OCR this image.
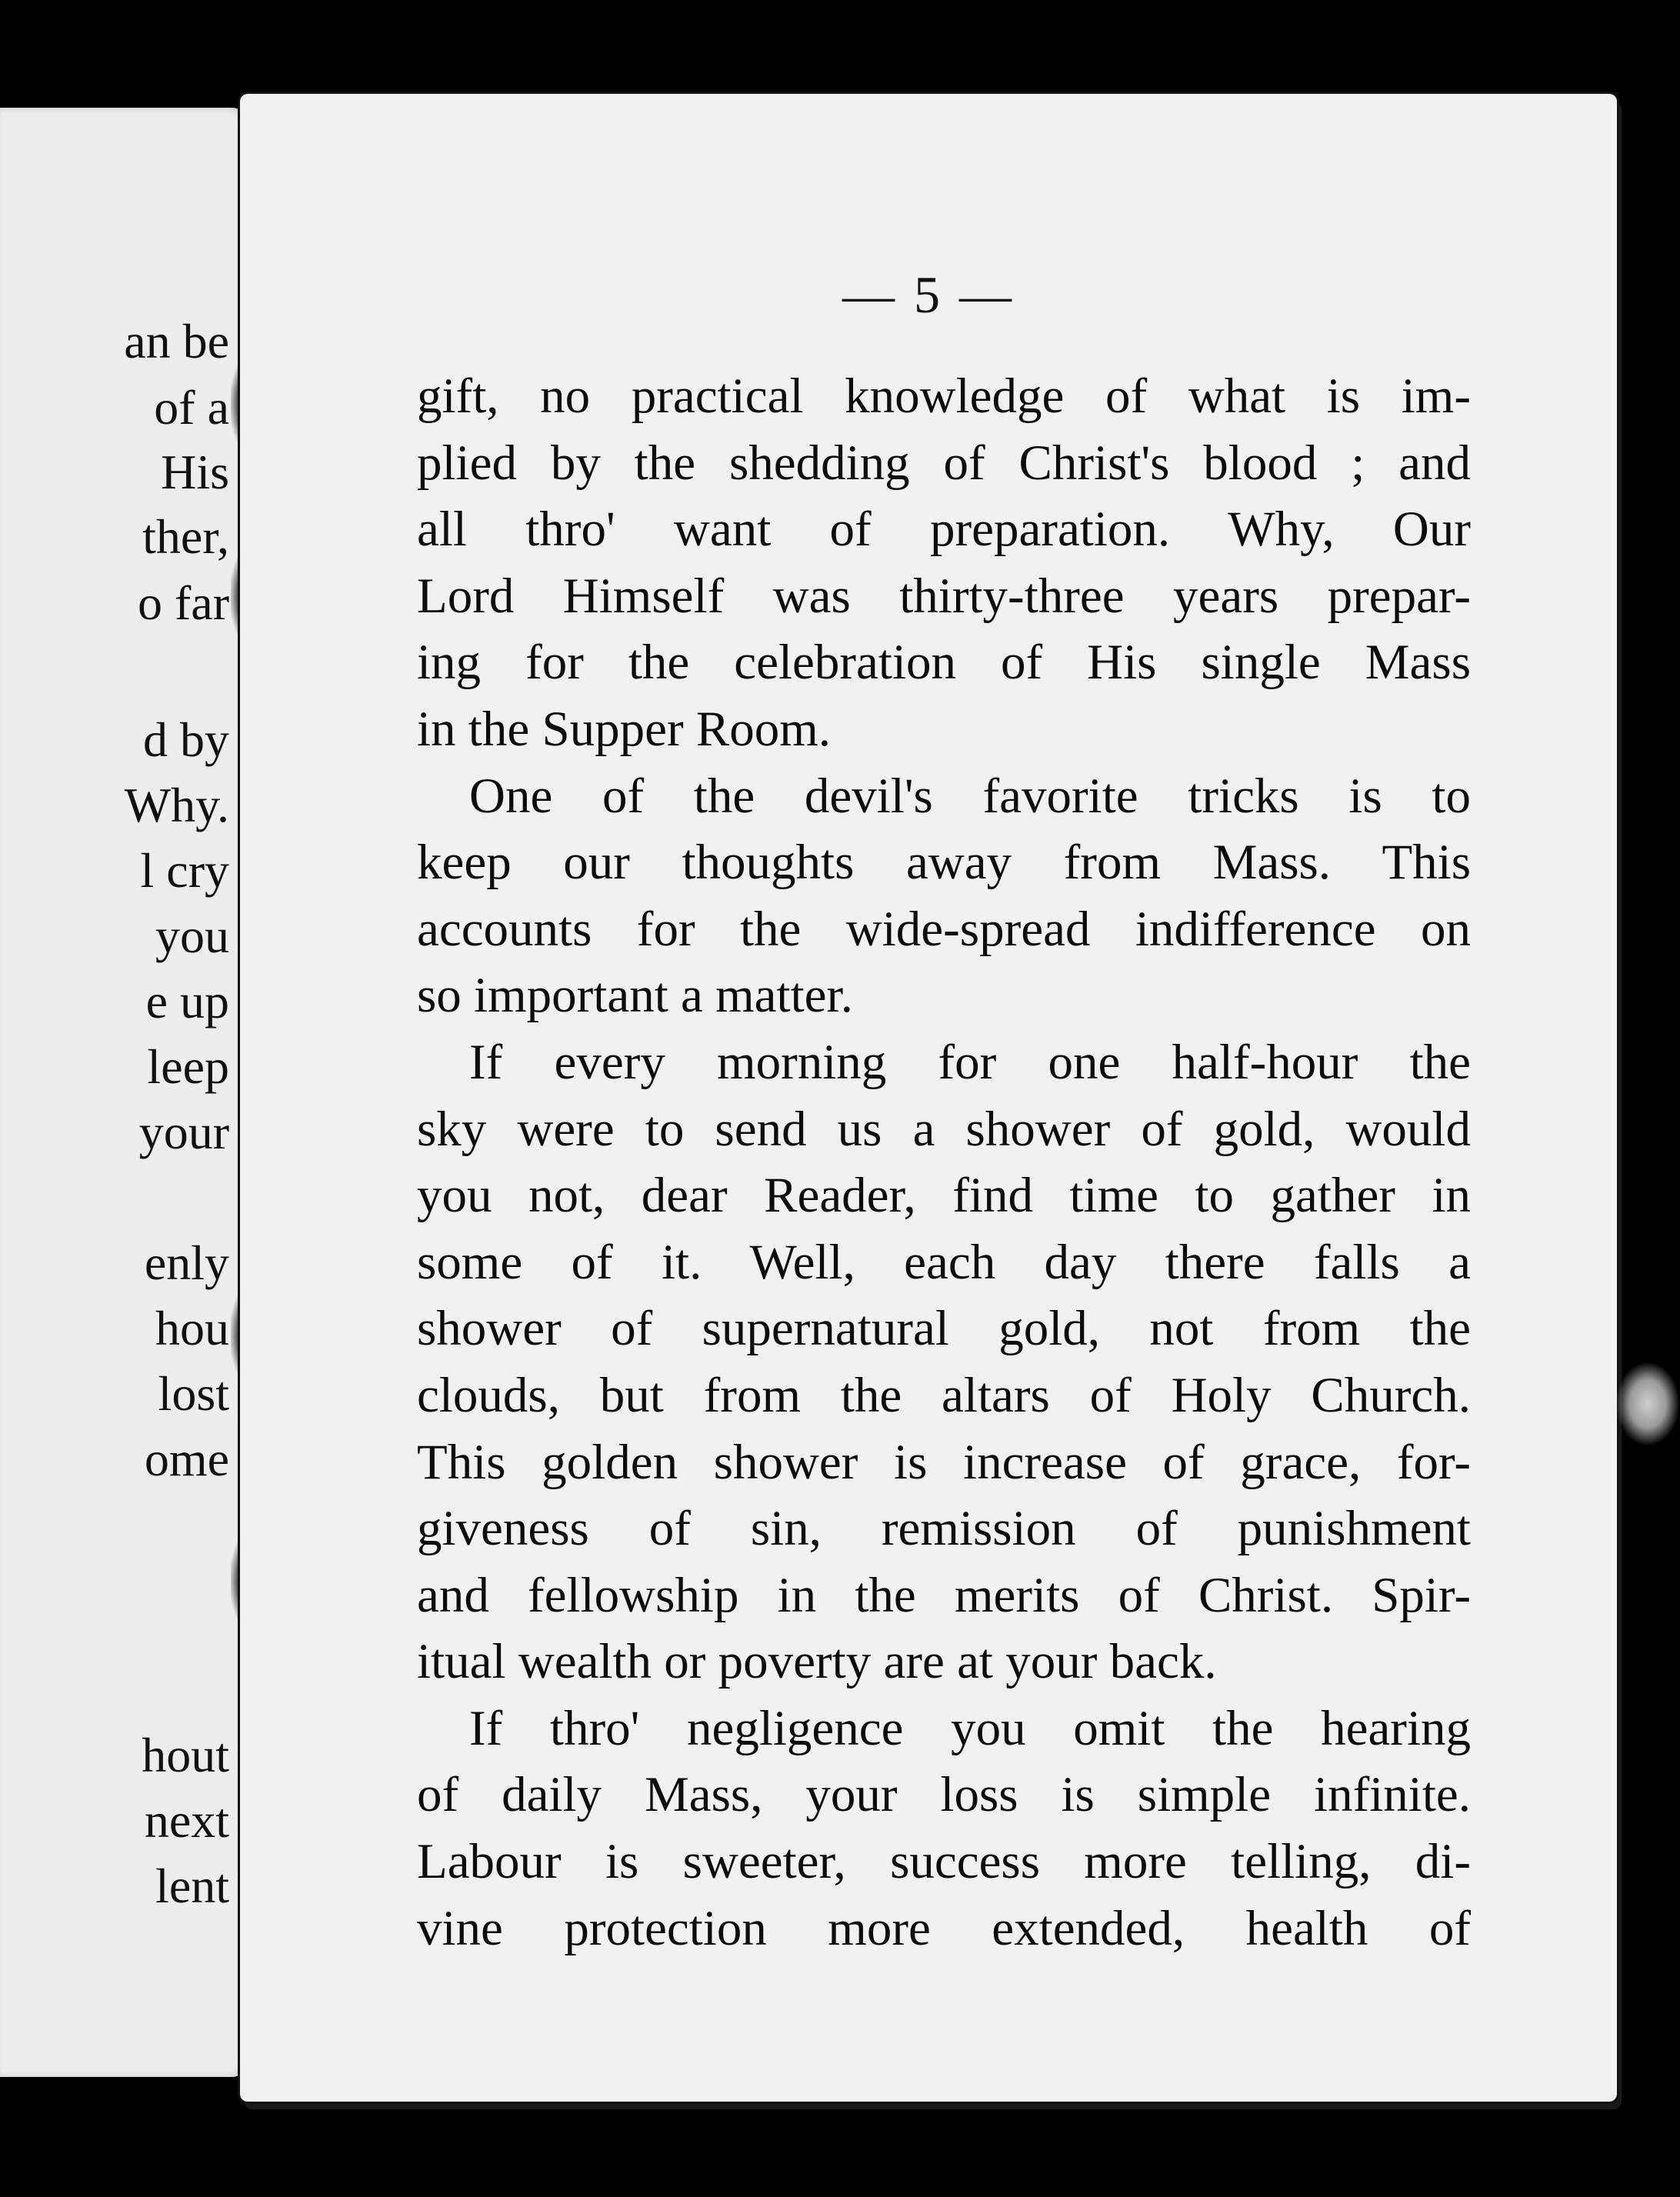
an be
of a
His
ther,
o far
d by
Why.
l cry
you
e up
leep
your
enly
hou
lost
ome
hout
next
lent
— 5 —
gift, no practical knowledge of what is im-
plied by the shedding of Christ's blood ; and
all thro' want of preparation. Why, Our
Lord Himself was thirty-three years prepar-
ing for the celebration of His single Mass
in the Supper Room.
One of the devil's favorite tricks is to
keep our thoughts away from Mass. This
accounts for the wide-spread indifference on
so important a matter.
If every morning for one half-hour the
sky were to send us a shower of gold, would
you not, dear Reader, find time to gather in
some of it. Well, each day there falls a
shower of supernatural gold, not from the
clouds, but from the altars of Holy Church.
This golden shower is increase of grace, for-
giveness of sin, remission of punishment
and fellowship in the merits of Christ. Spir-
itual wealth or poverty are at your back.
If thro' negligence you omit the hearing
of daily Mass, your loss is simple infinite.
Labour is sweeter, success more telling, di-
vine protection more extended, health of
